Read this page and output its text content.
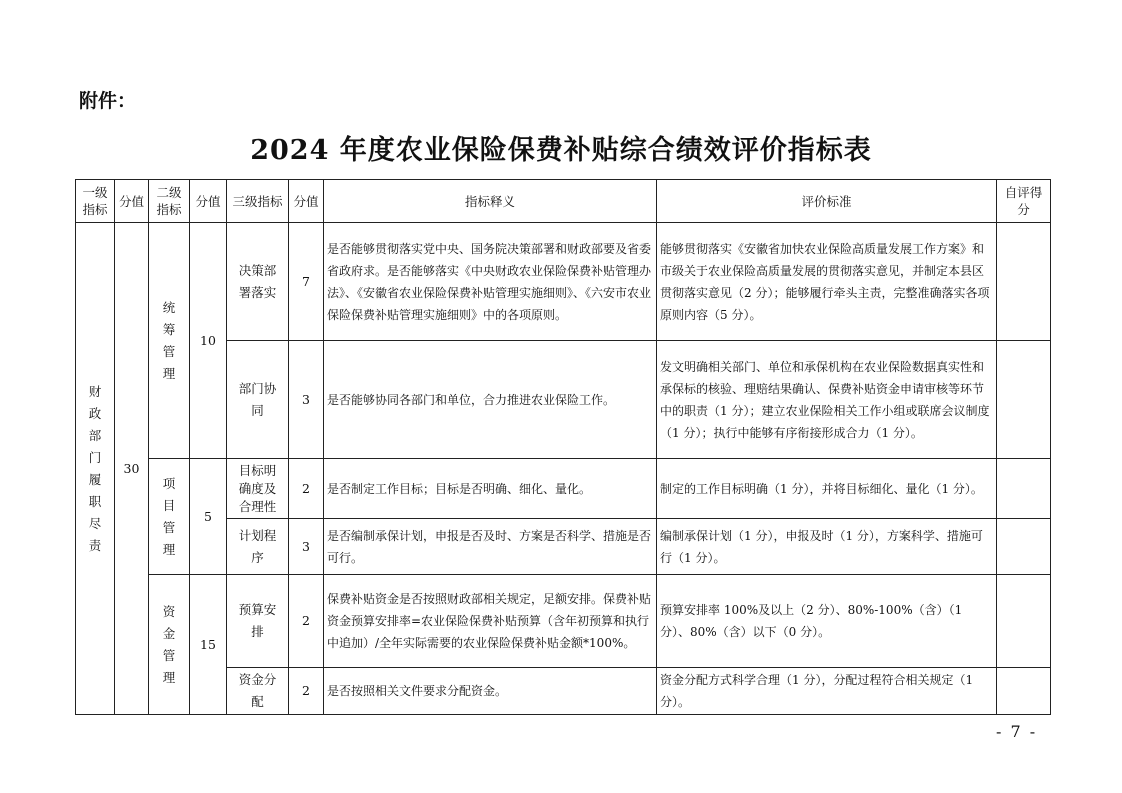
附件：
2024 年度农业保险保费补贴综合绩效评价指标表
一级指标	分值	二级指标	分值	三级指标	分值	指标释义	评价标准	自评得分
财政部门履职尽责	30	统筹管理	10	决策部署落实	7	是否能够贯彻落实党中央、国务院决策部署和财政部要及省委省政府求。是否能够落实《中央财政农业保险保费补贴管理办法》、《安徽省农业保险保费补贴管理实施细则》、《六安市农业保险保费补贴管理实施细则》中的各项原则。	能够贯彻落实《安徽省加快农业保险高质量发展工作方案》和市级关于农业保险高质量发展的贯彻落实意见，并制定本县区贯彻落实意见（2 分）；能够履行牵头主责，完整准确落实各项原则内容（5 分）。	
				部门协同	3	是否能够协同各部门和单位，合力推进农业保险工作。	发文明确相关部门、单位和承保机构在农业保险数据真实性和承保标的核验、理赔结果确认、保费补贴资金申请审核等环节中的职责（1 分）；建立农业保险相关工作小组或联席会议制度（1 分）；执行中能够有序衔接形成合力（1 分）。	
		项目管理	5	目标明确度及合理性	2	是否制定工作目标；目标是否明确、细化、量化。	制定的工作目标明确（1 分），并将目标细化、量化（1 分）。	
				计划程序	3	是否编制承保计划，申报是否及时、方案是否科学、措施是否可行。	编制承保计划（1 分），申报及时（1 分），方案科学、措施可行（1 分）。	
		资金管理	15	预算安排	2	保费补贴资金是否按照财政部相关规定，足额安排。保费补贴资金预算安排率=农业保险保费补贴预算（含年初预算和执行中追加）/全年实际需要的农业保险保费补贴金额*100%。	预算安排率 100%及以上（2 分）、80%-100%（含）（1 分）、80%（含）以下（0 分）。	
				资金分配	2	是否按照相关文件要求分配资金。	资金分配方式科学合理（1 分），分配过程符合相关规定（1 分）。	
- 7 -
